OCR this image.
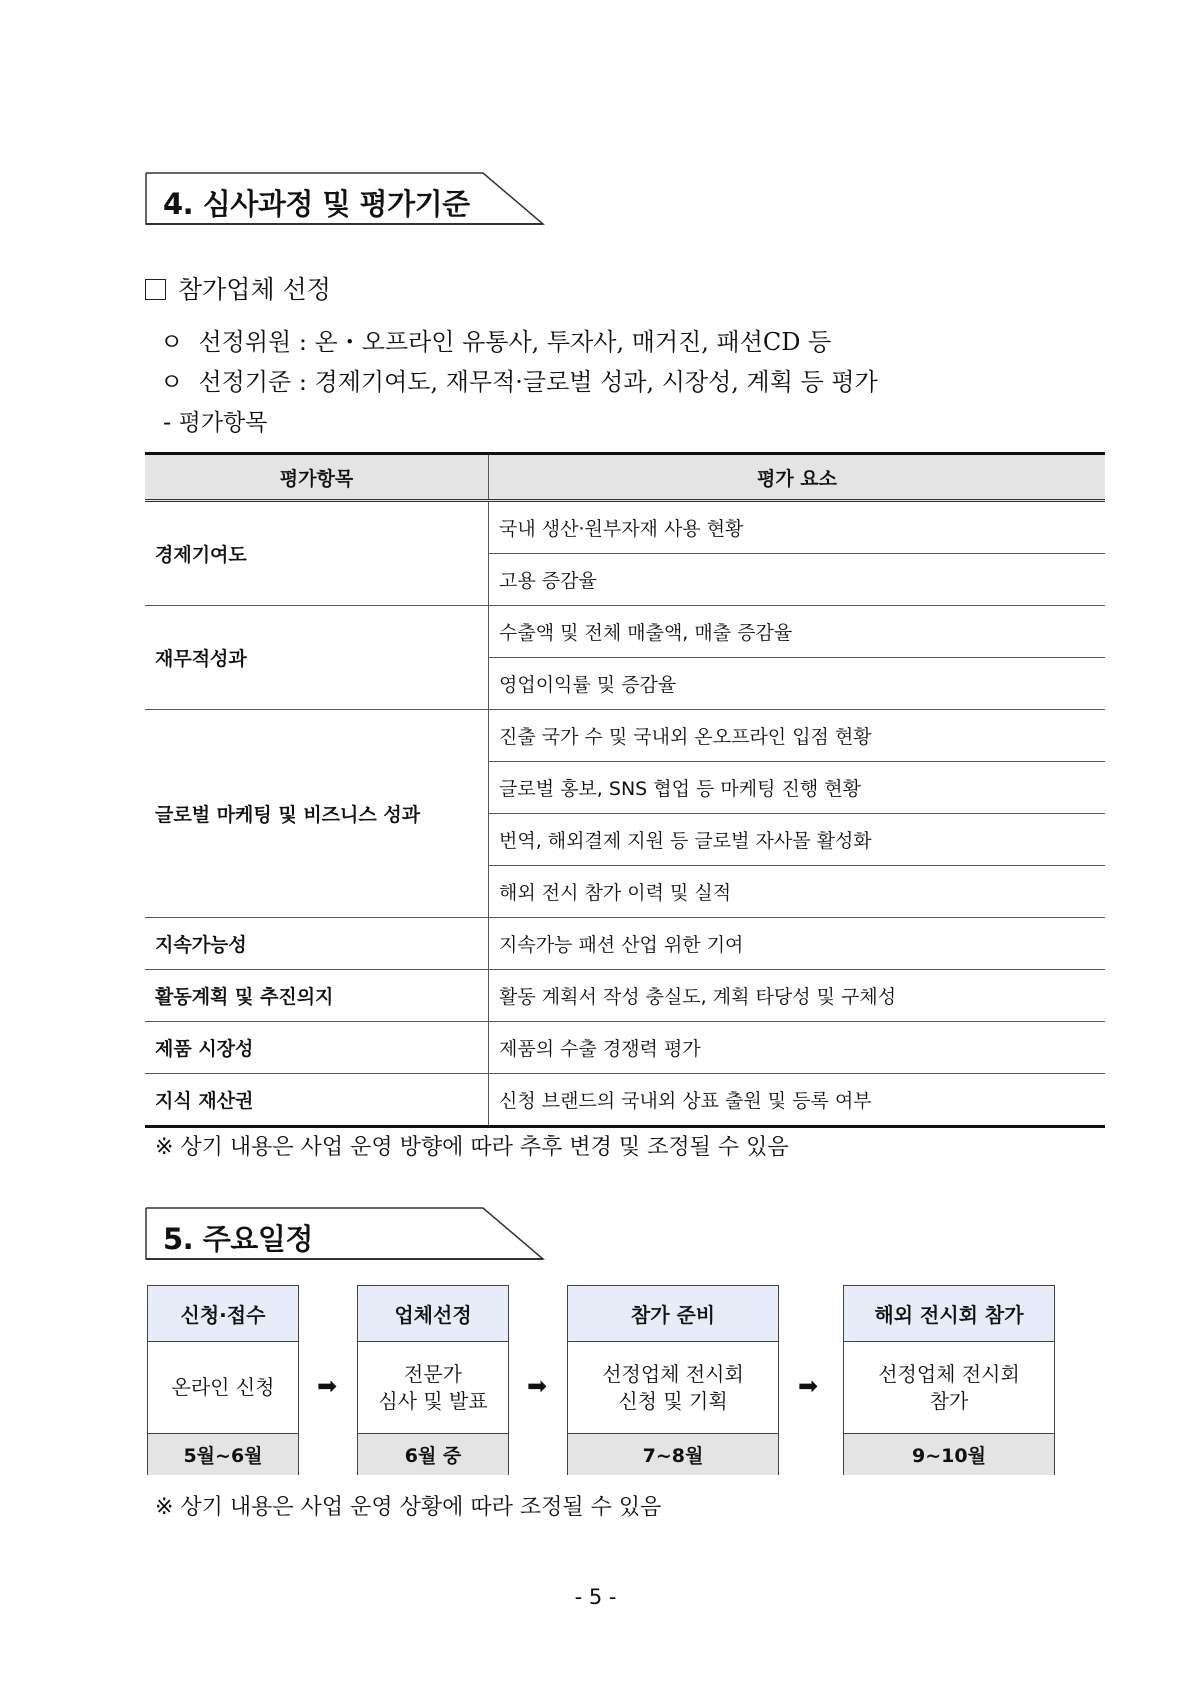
4. 심사과정 및 평가기준
참가업체 선정
ㅇ 선정위원 : 온・오프라인 유통사, 투자사, 매거진, 패션CD 등
ㅇ 선정기준 : 경제기여도, 재무적·글로벌 성과, 시장성, 계획 등 평가
- 평가항목
평가항목	평가 요소
경제기여도	국내 생산·원부자재 사용 현황
	고용 증감율
재무적성과	수출액 및 전체 매출액, 매출 증감율
	영업이익률 및 증감율
글로벌 마케팅 및 비즈니스 성과	진출 국가 수 및 국내외 온오프라인 입점 현황
	글로벌 홍보, SNS 협업 등 마케팅 진행 현황
	번역, 해외결제 지원 등 글로벌 자사몰 활성화
	해외 전시 참가 이력 및 실적
지속가능성	지속가능 패션 산업 위한 기여
활동계획 및 추진의지	활동 계획서 작성 충실도, 계획 타당성 및 구체성
제품 시장성	제품의 수출 경쟁력 평가
지식 재산권	신청 브랜드의 국내외 상표 출원 및 등록 여부
※ 상기 내용은 사업 운영 방향에 따라 추후 변경 및 조정될 수 있음
5. 주요일정
신청·접수
온라인 신청
5월~6월
➡
업체선정
전문가
심사 및 발표
6월 중
➡
참가 준비
선정업체 전시회
신청 및 기획
7~8월
➡
해외 전시회 참가
선정업체 전시회
참가
9~10월
※ 상기 내용은 사업 운영 상황에 따라 조정될 수 있음
- 5 -
